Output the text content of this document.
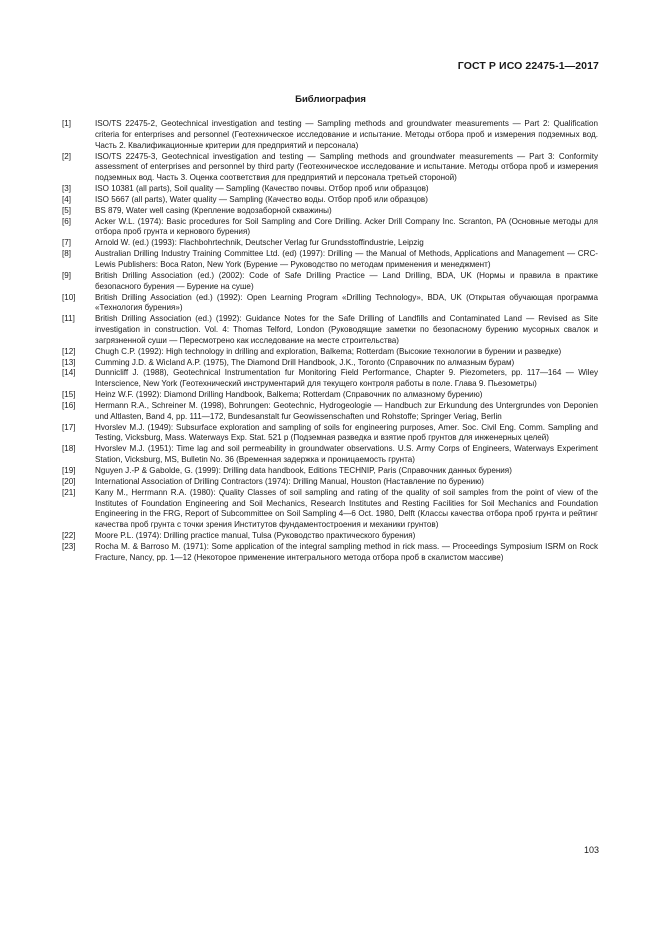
ГОСТ Р ИСО 22475-1—2017
Библиография
[1]	ISO/TS 22475-2, Geotechnical investigation and testing — Sampling methods and groundwater measurements — Part 2: Qualification criteria for enterprises and personnel (Геотехническое исследование и испытание. Методы отбора проб и измерения подземных вод. Часть 2. Квалификационные критерии для предприятий и персонала)
[2]	ISO/TS 22475-3, Geotechnical investigation and testing — Sampling methods and groundwater measurements — Part 3: Conformity assessment of enterprises and personnel by third party (Геотехническое исследование и испытание. Методы отбора проб и измерения подземных вод. Часть 3. Оценка соответствия для предприятий и персонала третьей стороной)
[3]	ISO 10381 (all parts), Soil quality — Sampling (Качество почвы. Отбор проб или образцов)
[4]	ISO 5667 (all parts), Water quality — Sampling (Качество воды. Отбор проб или образцов)
[5]	BS 879, Water well casing (Крепление водозаборной скважины)
[6]	Acker W.L. (1974): Basic procedures for Soil Sampling and Core Drilling. Acker Drill Company Inc. Scranton, PA (Основные методы для отбора проб грунта и кернового бурения)
[7]	Arnold W. (ed.) (1993): Flachbohrtechnik, Deutscher Verlag fur Grundsstoffindustrie, Leipzig
[8]	Australian Drilling Industry Training Committee Ltd. (ed) (1997): Drilling — the Manual of Methods, Applications and Management — CRC-Lewis Publishers: Boca Raton, New York (Бурение — Руководство по методам применения и менеджмент)
[9]	British Drilling Association (ed.) (2002): Code of Safe Drilling Practice — Land Drilling, BDA, UK (Нормы и правила в практике безопасного бурения — Бурение на суше)
[10]	British Drilling Association (ed.) (1992): Open Learning Program «Drilling Technology», BDA, UK (Открытая обучающая программа «Технология бурения»)
[11]	British Drilling Association (ed.) (1992): Guidance Notes for the Safe Drilling of Landfills and Contaminated Land — Revised as Site investigation in construction. Vol. 4: Thomas Telford, London (Руководящие заметки по безопасному бурению мусорных свалок и загрязненной суши — Пересмотрено как исследование на месте строительства)
[12]	Chugh C.P. (1992): High technology in drilling and exploration, Balkema; Rotterdam (Высокие технологии в бурении и разведке)
[13]	Cumming J.D. & Wicland A.P. (1975), The Diamond Drill Handbook, J.K., Toronto (Справочник по алмазным бурам)
[14]	Dunnicliff J. (1988), Geotechnical Instrumentation fur Monitoring Field Performance, Chapter 9. Piezometers, pp. 117—164 — Wiley Interscience, New York (Геотехнический инструментарий для текущего контроля работы в поле. Глава 9. Пьезометры)
[15]	Heinz W.F. (1992): Diamond Drilling Handbook, Balkema; Rotterdam (Справочник по алмазному бурению)
[16]	Hermann R.A., Schreiner M. (1998), Bohrungen: Geotechnic, Hydrogeologie — Handbuch zur Erkundung des Untergrundes von Deponien und Altlasten, Band 4, pp. 111—172, Bundesanstalt fur Geowissenschaften und Rohstoffe; Springer Veriag, Berlin
[17]	Hvorslev M.J. (1949): Subsurface exploration and sampling of soils for engineering purposes, Amer. Soc. Civil Eng. Comm. Sampling and Testing, Vicksburg, Mass. Waterways Exp. Stat. 521 p (Подземная разведка и взятие проб грунтов для инженерных целей)
[18]	Hvorslev M.J. (1951): Time lag and soil permeability in groundwater observations. U.S. Army Corps of Engineers, Waterways Experiment Station, Vicksburg, MS, Bulletin No. 36 (Временная задержка и проницаемость грунта)
[19]	Nguyen J.-P & Gabolde, G. (1999): Drilling data handbook, Editions TECHNIP, Paris (Справочник данных бурения)
[20]	International Association of Drilling Contractors (1974): Drilling Manual, Houston (Наставление по бурению)
[21]	Kany M., Herrmann R.A. (1980): Quality Classes of soil sampling and rating of the quality of soil samples from the point of view of the Institutes of Foundation Engineering and Soil Mechanics, Research Institutes and Resting Facilities for Soil Mechanics and Foundation Engineering in the FRG, Report of Subcommittee on Soil Sampling 4—6 Oct. 1980, Delft (Классы качества отбора проб грунта и рейтинг качества проб грунта с точки зрения Институтов фундаментостроения и механики грунтов)
[22]	Moore P.L. (1974): Drilling practice manual, Tulsa (Руководство практического бурения)
[23]	Rocha M. & Barroso M. (1971): Some application of the integral sampling method in rick mass. — Proceedings Symposium ISRM on Rock Fracture, Nancy, pp. 1—12 (Некоторое применение интегрального метода отбора проб в скалистом массиве)
103
